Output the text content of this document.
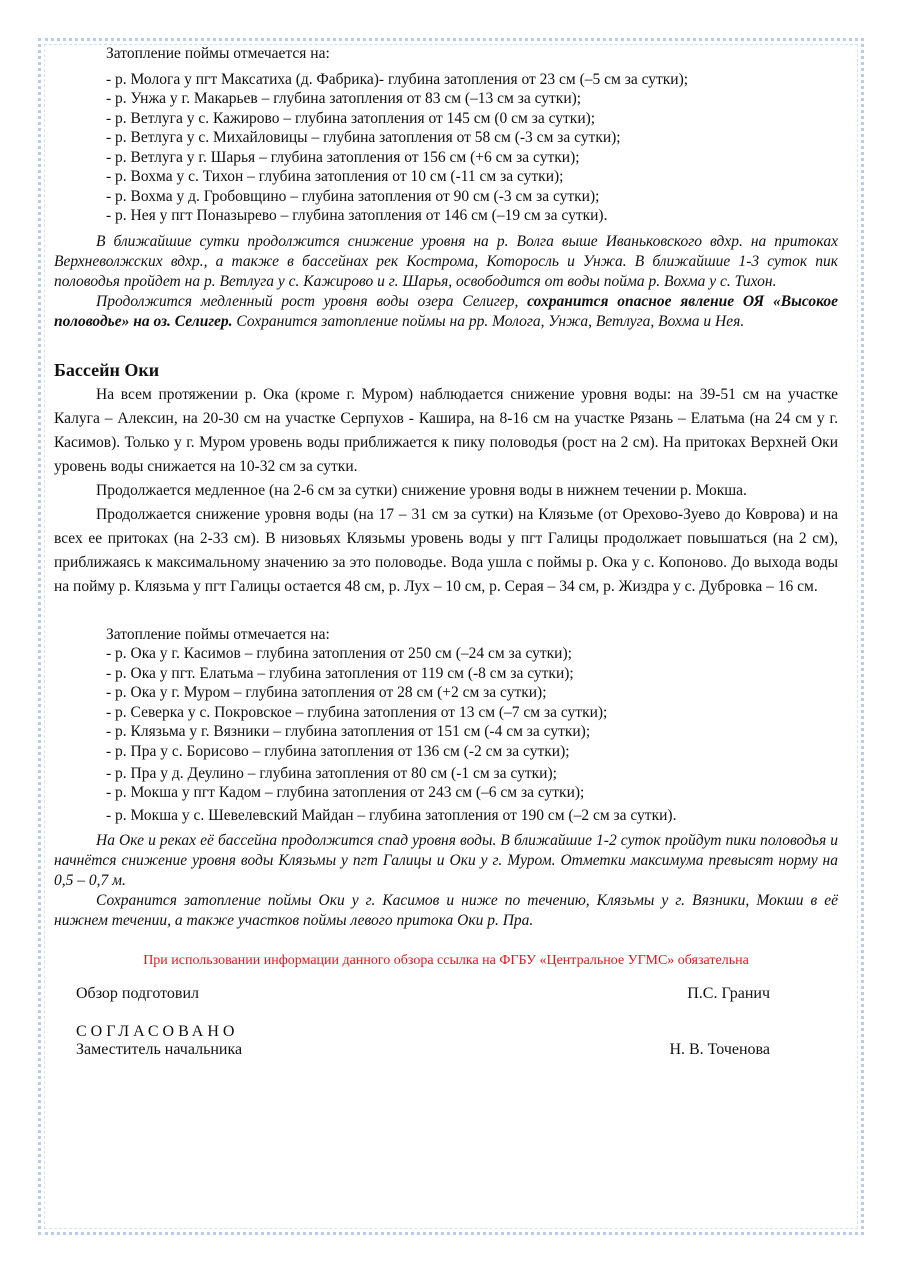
Затопление поймы отмечается на:
- р. Молога у пгт Максатиха (д. Фабрика)- глубина затопления от 23 см (–5 см за сутки);
- р. Унжа у г. Макарьев – глубина затопления от 83 см (–13 см за сутки);
- р. Ветлуга у с. Кажирово – глубина затопления от 145 см (0 см за сутки);
- р. Ветлуга у с. Михайловицы – глубина затопления от 58 см (-3 см за сутки);
- р. Ветлуга у г. Шарья – глубина затопления от 156 см (+6 см за сутки);
- р. Вохма у с. Тихон – глубина затопления от 10 см (-11 см за сутки);
- р. Вохма у д. Гробовщино – глубина затопления от 90 см (-3 см за сутки);
- р. Нея у пгт Поназырево – глубина затопления от 146 см (–19 см за сутки).

В ближайшие сутки продолжится снижение уровня на р. Волга выше Иваньковского вдхр. на притоках Верхневолжских вдхр., а также в бассейнах рек Кострома, Которосль и Унжа. В ближайшие 1-3 суток пик половодья пройдет на р. Ветлуга у с. Кажирово и г. Шарья, освободится от воды пойма р. Вохма у с. Тихон.

Продолжится медленный рост уровня воды озера Селигер, сохранится опасное явление ОЯ «Высокое половодье» на оз. Селигер. Сохранится затопление поймы на рр. Молога, Унжа, Ветлуга, Вохма и Нея.

Бассейн Оки

На всем протяжении р. Ока (кроме г. Муром) наблюдается снижение уровня воды: на 39-51 см на участке Калуга – Алексин, на 20-30 см на участке Серпухов - Кашира, на 8-16 см на участке Рязань – Елатьма (на 24 см у г. Касимов). Только у г. Муром уровень воды приближается к пику половодья (рост на 2 см). На притоках Верхней Оки уровень воды снижается на 10-32 см за сутки.

Продолжается медленное (на 2-6 см за сутки) снижение уровня воды в нижнем течении р. Мокша.

Продолжается снижение уровня воды (на 17 – 31 см за сутки) на Клязьме (от Орехово-Зуево до Коврова) и на всех ее притоках (на 2-33 см). В низовьях Клязьмы уровень воды у пгт Галицы продолжает повышаться (на 2 см), приближаясь к максимальному значению за это половодье. Вода ушла с поймы р. Ока у с. Копоново. До выхода воды на пойму р. Клязьма у пгт Галицы остается 48 см, р. Лух – 10 см, р. Серая – 34 см, р. Жиздра у с. Дубровка – 16 см.

Затопление поймы отмечается на:
- р. Ока у г. Касимов – глубина затопления от 250 см (–24 см за сутки);
- р. Ока у пгт. Елатьма – глубина затопления от 119 см (-8 см за сутки);
- р. Ока у г. Муром – глубина затопления от 28 см (+2 см за сутки);
- р. Северка у с. Покровское – глубина затопления от 13 см (–7 см за сутки);
- р. Клязьма у г. Вязники – глубина затопления от 151 см (-4 см за сутки);
- р. Пра у с. Борисово – глубина затопления от 136 см (-2 см за сутки);
- р. Пра у д. Деулино – глубина затопления от 80 см (-1 см за сутки);
- р. Мокша у пгт Кадом – глубина затопления от 243 см (–6 см за сутки);
- р. Мокша у с. Шевелевский Майдан – глубина затопления от 190 см (–2 см за сутки).

На Оке и реках её бассейна продолжится спад уровня воды. В ближайшие 1-2 суток пройдут пики половодья и начнётся снижение уровня воды Клязьмы у пгт Галицы и Оки у г. Муром. Отметки максимума превысят норму на 0,5 – 0,7 м.

Сохранится затопление поймы Оки у г. Касимов и ниже по течению, Клязьмы у г. Вязники, Мокши в её нижнем течении, а также участков поймы левого притока Оки р. Пра.

При использовании информации данного обзора ссылка на ФГБУ «Центральное УГМС» обязательна

Обзор подготовил	П.С. Гранич
СОГЛАСОВАНО
Заместитель начальника	Н. В. Точенова
